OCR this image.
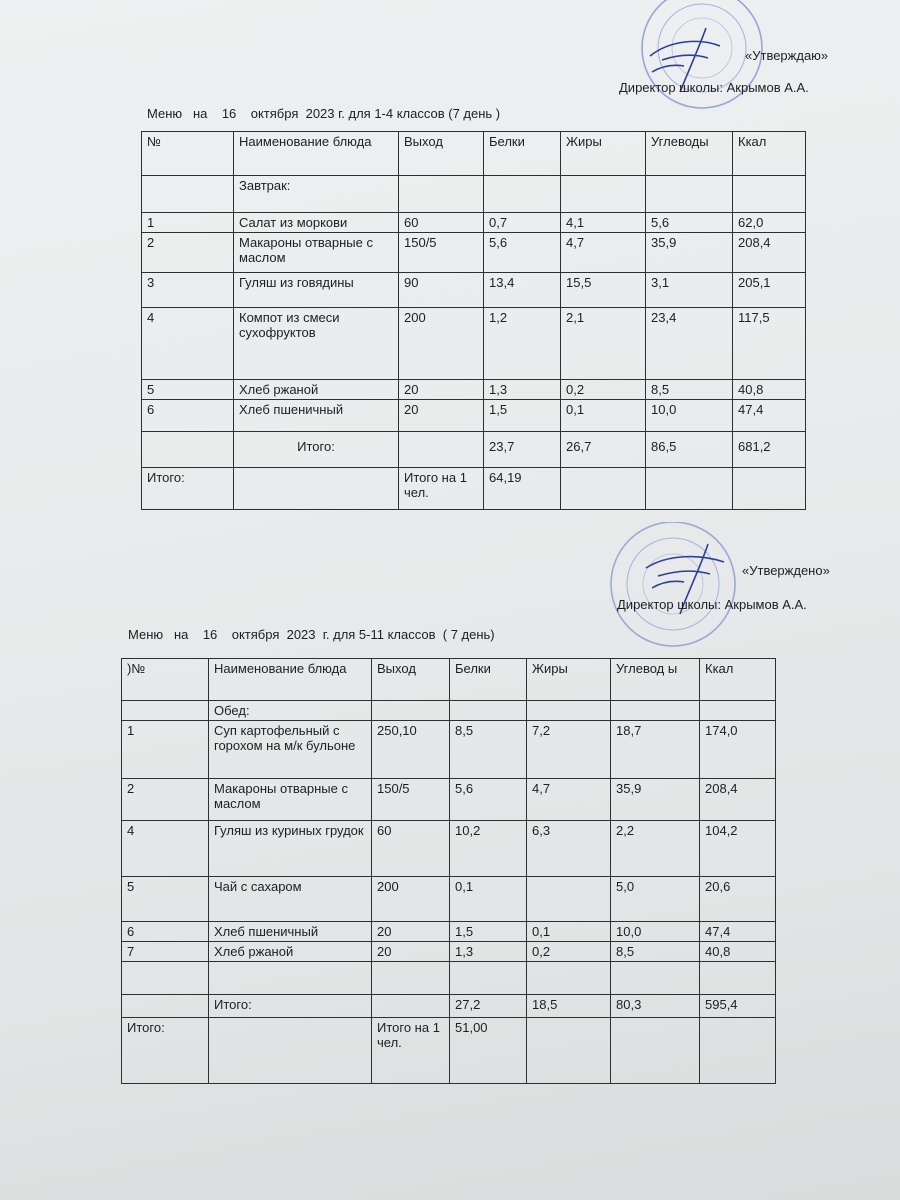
«Утверждаю»
Директор школы: Акрымов А.А.
Меню   на    16    октября  2023 г. для 1-4 классов (7 день )
№	Наименование блюда	Выход	Белки	Жиры	Углеводы	Ккал
	Завтрак:					
1	Салат из моркови	60	0,7	4,1	5,6	62,0
2	Макароны отварные с маслом	150/5	5,6	4,7	35,9	208,4
3	Гуляш из говядины	90	13,4	15,5	3,1	205,1
4	Компот из смеси сухофруктов	200	1,2	2,1	23,4	117,5
5	Хлеб ржаной	20	1,3	0,2	8,5	40,8
6	Хлеб пшеничный	20	1,5	0,1	10,0	47,4
	Итого:		23,7	26,7	86,5	681,2
Итого:		Итого на 1 чел.	64,19			
«Утверждено»
Директор школы: Акрымов А.А.
Меню   на    16    октября  2023  г. для 5-11 классов  ( 7 день)
)№	Наименование блюда	Выход	Белки	Жиры	Углевод ы	Ккал
	Обед:					
1	Суп картофельный с горохом на м/к бульоне	250,10	8,5	7,2	18,7	174,0
2	Макароны отварные с маслом	150/5	5,6	4,7	35,9	208,4
4	Гуляш из куриных грудок	60	10,2	6,3	2,2	104,2
5	Чай с сахаром	200	0,1		5,0	20,6
6	Хлеб пшеничный	20	1,5	0,1	10,0	47,4
7	Хлеб ржаной	20	1,3	0,2	8,5	40,8

	Итого:		27,2	18,5	80,3	595,4
Итого:		Итого на 1 чел.	51,00			
